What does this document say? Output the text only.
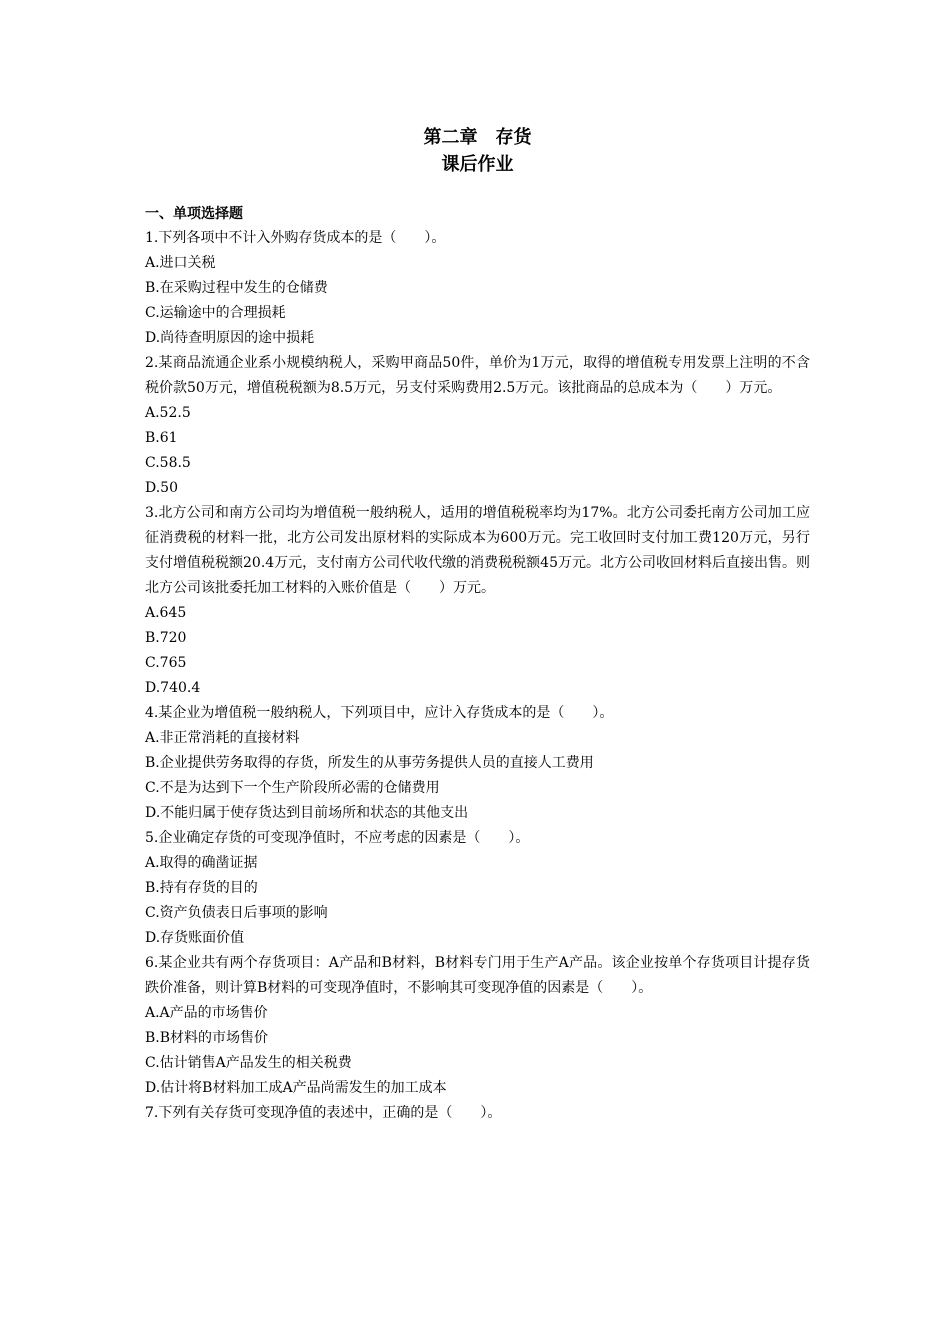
第二章　存货

课后作业

一、单项选择题

1.下列各项中不计入外购存货成本的是（　　）。

A.进口关税

B.在采购过程中发生的仓储费

C.运输途中的合理损耗

D.尚待查明原因的途中损耗

2.某商品流通企业系小规模纳税人，采购甲商品50件，单价为1万元，取得的增值税专用发票上注明的不含税价款50万元，增值税税额为8.5万元，另支付采购费用2.5万元。该批商品的总成本为（　　）万元。

A.52.5

B.61

C.58.5

D.50

3.北方公司和南方公司均为增值税一般纳税人，适用的增值税税率均为17%。北方公司委托南方公司加工应征消费税的材料一批，北方公司发出原材料的实际成本为600万元。完工收回时支付加工费120万元，另行支付增值税税额20.4万元，支付南方公司代收代缴的消费税税额45万元。北方公司收回材料后直接出售。则北方公司该批委托加工材料的入账价值是（　　）万元。

A.645

B.720

C.765

D.740.4

4.某企业为增值税一般纳税人，下列项目中，应计入存货成本的是（　　）。

A.非正常消耗的直接材料

B.企业提供劳务取得的存货，所发生的从事劳务提供人员的直接人工费用

C.不是为达到下一个生产阶段所必需的仓储费用

D.不能归属于使存货达到目前场所和状态的其他支出

5.企业确定存货的可变现净值时，不应考虑的因素是（　　）。

A.取得的确凿证据

B.持有存货的目的

C.资产负债表日后事项的影响

D.存货账面价值

6.某企业共有两个存货项目：A产品和B材料，B材料专门用于生产A产品。该企业按单个存货项目计提存货跌价准备，则计算B材料的可变现净值时，不影响其可变现净值的因素是（　　）。

A.A产品的市场售价

B.B材料的市场售价

C.估计销售A产品发生的相关税费

D.估计将B材料加工成A产品尚需发生的加工成本

7.下列有关存货可变现净值的表述中，正确的是（　　）。
